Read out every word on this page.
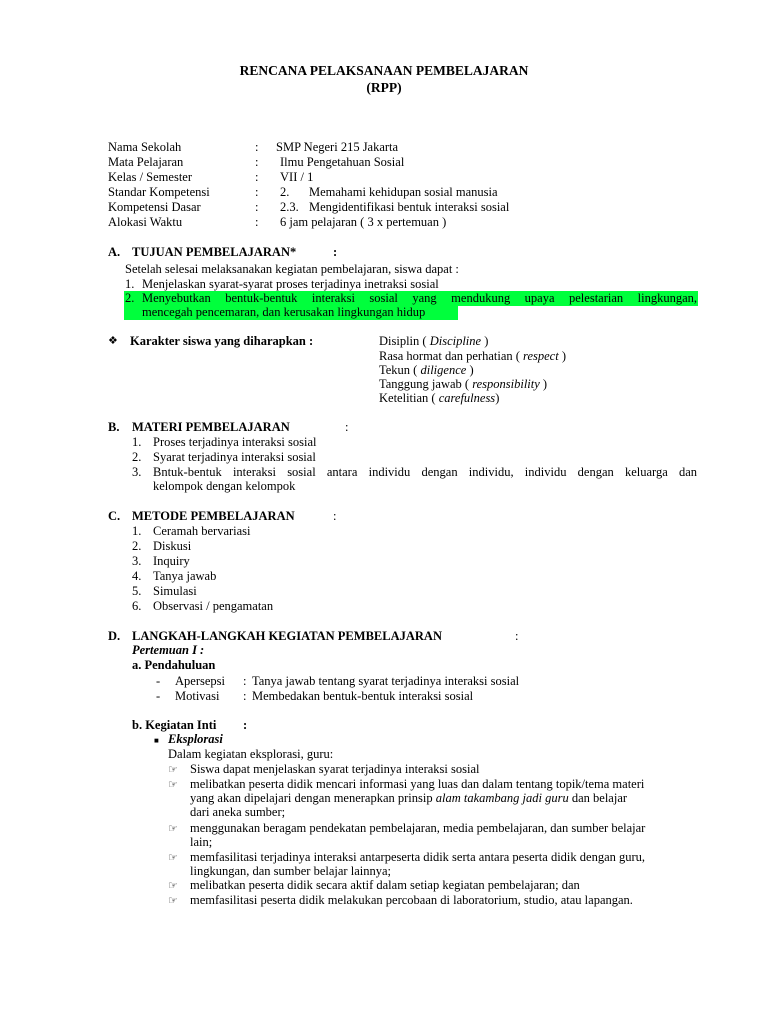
RENCANA PELAKSANAAN PEMBELAJARAN
(RPP)
Nama Sekolah	: SMP Negeri 215 Jakarta
Mata Pelajaran	: Ilmu Pengetahuan Sosial
Kelas / Semester	: VII / 1
Standar Kompetensi	: 2. Memahami kehidupan sosial manusia
Kompetensi Dasar	: 2.3. Mengidentifikasi bentuk interaksi sosial
Alokasi Waktu	: 6 jam pelajaran ( 3 x pertemuan )
A. TUJUAN PEMBELAJARAN*	:
Setelah selesai melaksanakan kegiatan pembelajaran, siswa dapat :
1. Menjelaskan syarat-syarat proses terjadinya inetraksi sosial
2. Menyebutkan bentuk-bentuk interaksi sosial yang mendukung upaya pelestarian lingkungan,
mencegah pencemaran, dan kerusakan lingkungan hidup
❖ Karakter siswa yang diharapkan :	Disiplin ( Discipline )
Rasa hormat dan perhatian ( respect )
Tekun ( diligence )
Tanggung jawab ( responsibility )
Ketelitian ( carefulness)
B. MATERI PEMBELAJARAN	:
1. Proses terjadinya interaksi sosial
2. Syarat terjadinya interaksi sosial
3. Bntuk-bentuk interaksi sosial antara individu dengan individu, individu dengan keluarga dan
kelompok dengan kelompok
C. METODE PEMBELAJARAN	:
1. Ceramah bervariasi
2. Diskusi
3. Inquiry
4. Tanya jawab
5. Simulasi
6. Observasi / pengamatan
D. LANGKAH-LANGKAH KEGIATAN PEMBELAJARAN	:
Pertemuan I :
a. Pendahuluan
- Apersepsi : Tanya jawab tentang syarat terjadinya interaksi sosial
- Motivasi : Membedakan bentuk-bentuk interaksi sosial
b. Kegiatan Inti :
■ Eksplorasi
Dalam kegiatan eksplorasi, guru:
☞ Siswa dapat menjelaskan syarat terjadinya interaksi sosial
☞ melibatkan peserta didik mencari informasi yang luas dan dalam tentang topik/tema materi
yang akan dipelajari dengan menerapkan prinsip alam takambang jadi guru dan belajar
dari aneka sumber;
☞ menggunakan beragam pendekatan pembelajaran, media pembelajaran, dan sumber belajar
lain;
☞ memfasilitasi terjadinya interaksi antarpeserta didik serta antara peserta didik dengan guru,
lingkungan, dan sumber belajar lainnya;
☞ melibatkan peserta didik secara aktif dalam setiap kegiatan pembelajaran; dan
☞ memfasilitasi peserta didik melakukan percobaan di laboratorium, studio, atau lapangan.
